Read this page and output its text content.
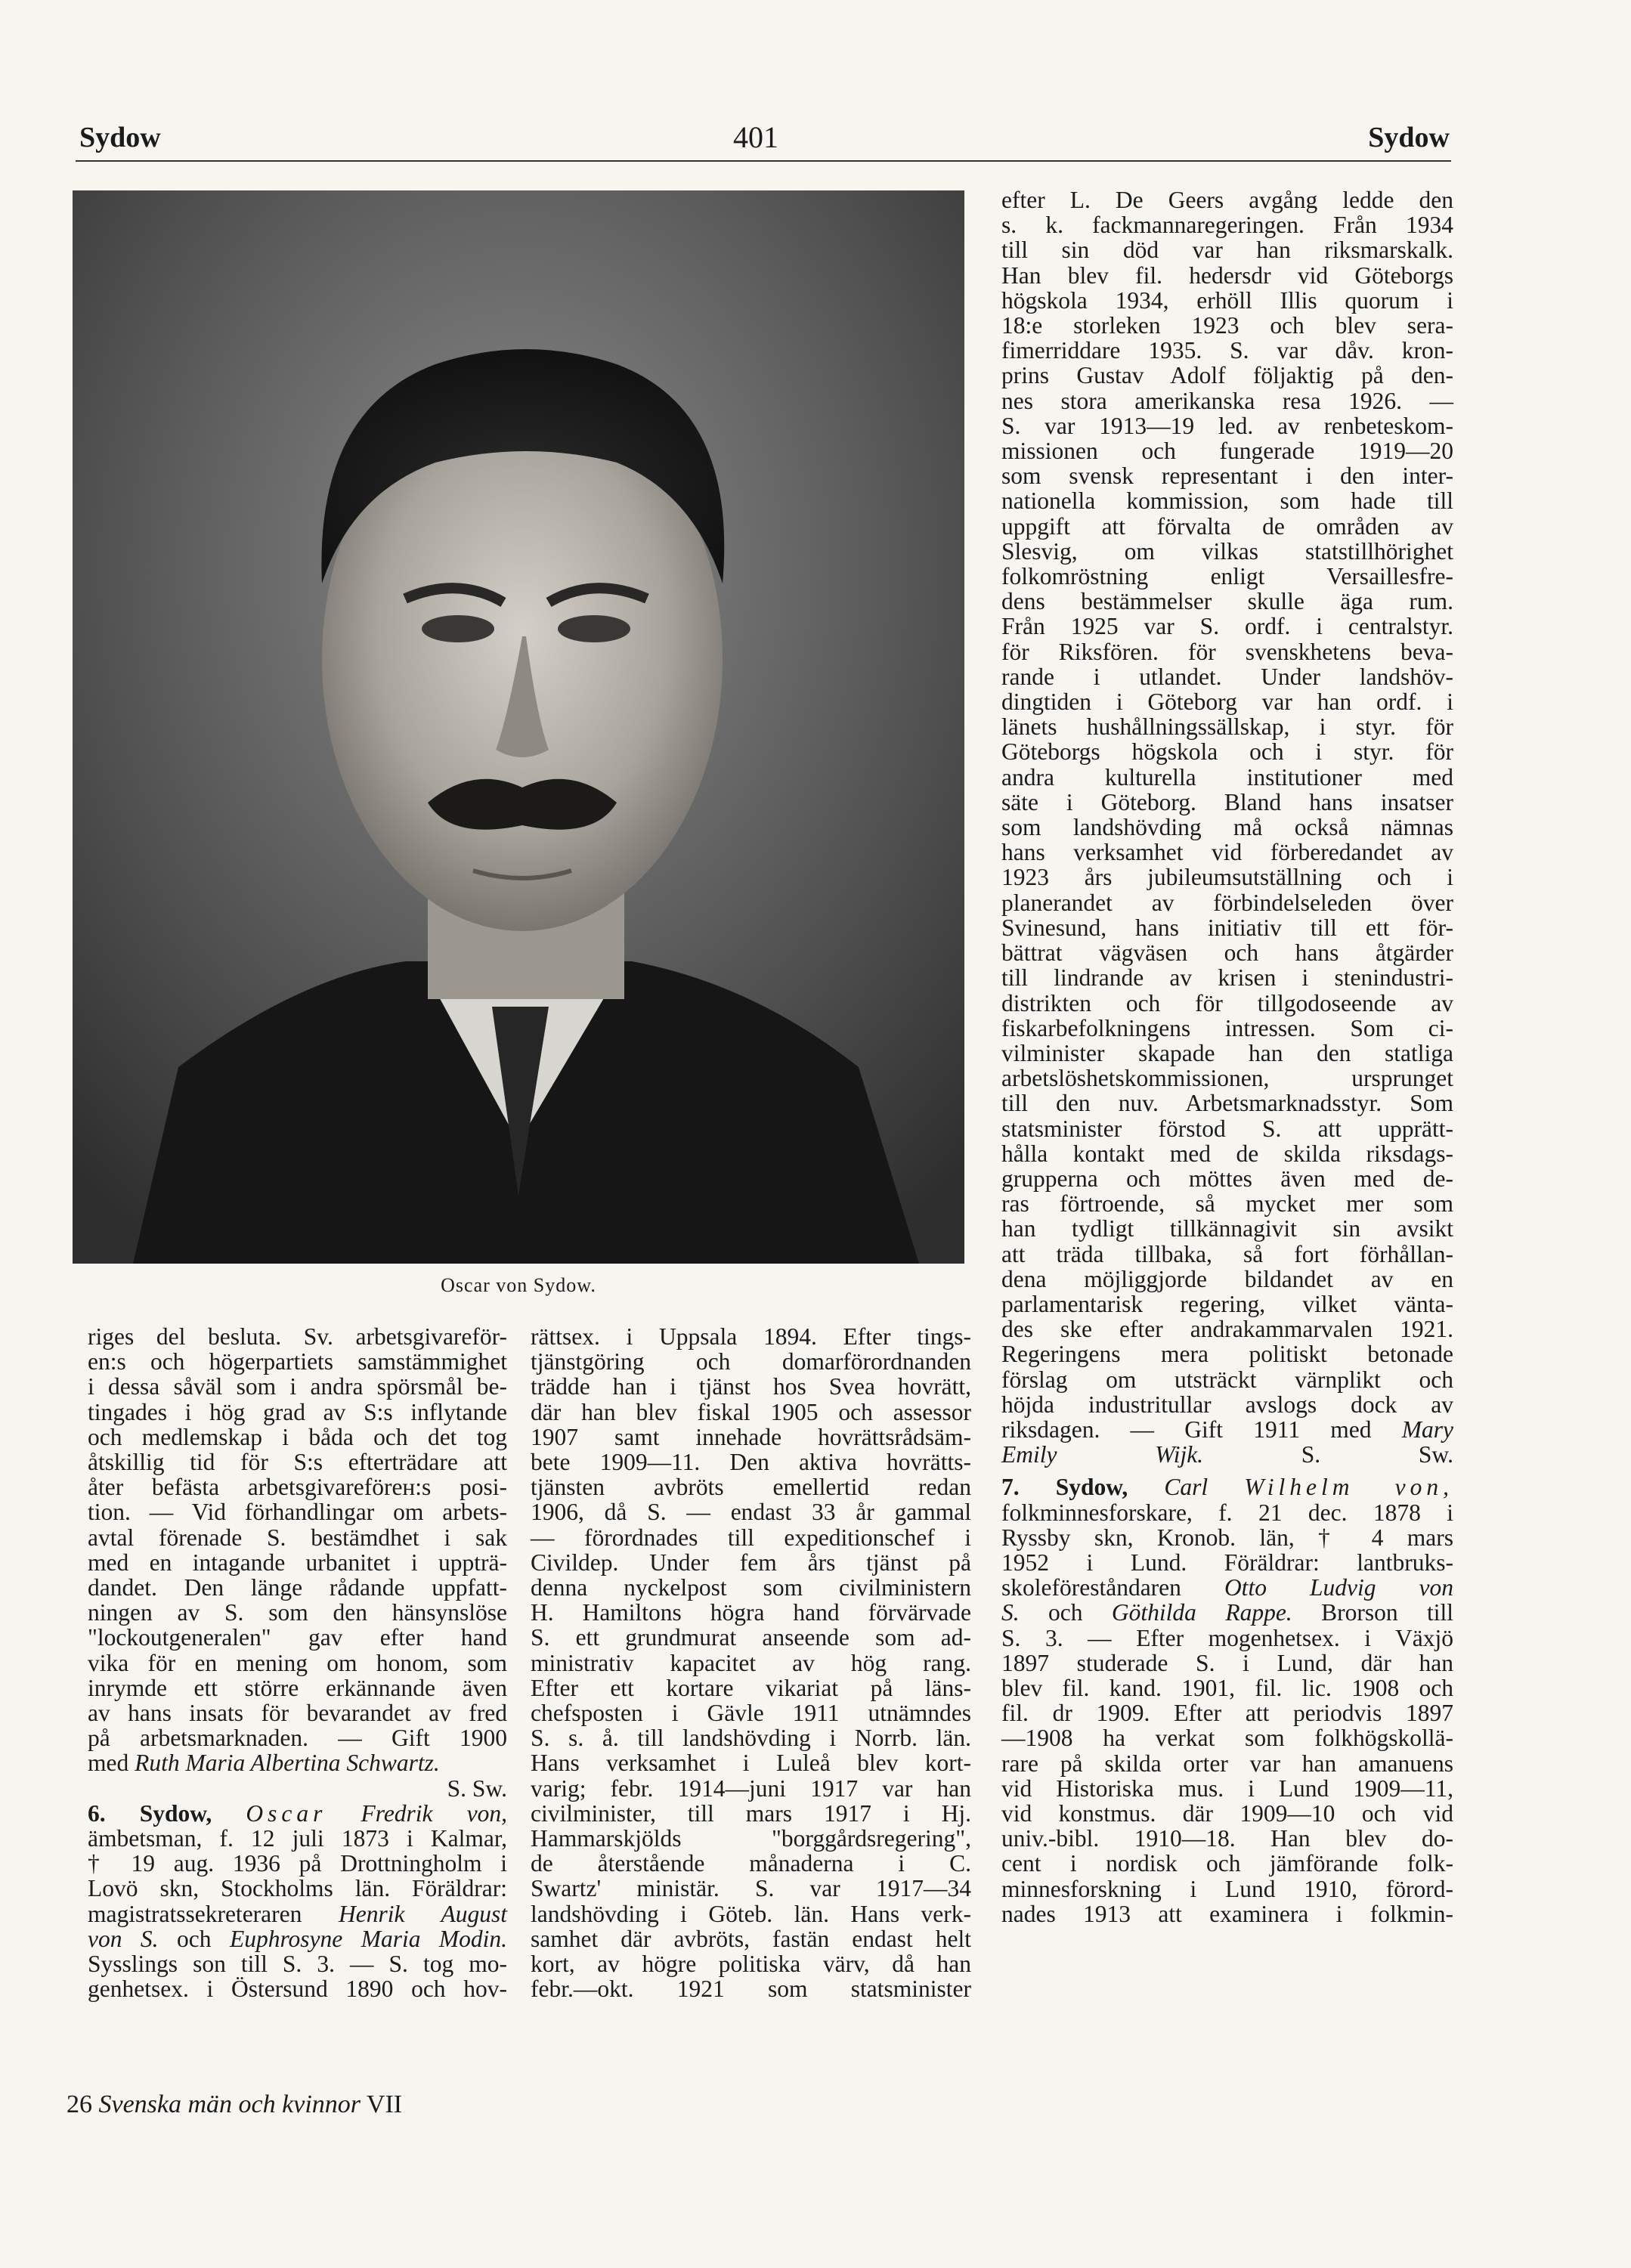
Sydow	401	Sydow
Oscar von Sydow.
riges del besluta. Sv. arbetsgivareför-
en:s och högerpartiets samstämmighet
i dessa såväl som i andra spörsmål be-
tingades i hög grad av S:s inflytande
och medlemskap i båda och det tog
åtskillig tid för S:s efterträdare att
åter befästa arbetsgivareförен:s posi-
tion. — Vid förhandlingar om arbets-
avtal förenade S. bestämdhet i sak
med en intagande urbanitet i uppträ-
dandet. Den länge rådande uppfatt-
ningen av S. som den hänsynslöse
"lockoutgeneralen" gav efter hand
vika för en mening om honom, som
inrymde ett större erkännande även
av hans insats för bevarandet av fred
på arbetsmarknaden. — Gift 1900
med Ruth Maria Albertina Schwartz.
S. Sw.
6. Sydow, Oscar Fredrik von,
ämbetsman, f. 12 juli 1873 i Kalmar,
† 19 aug. 1936 på Drottningholm i
Lovö skn, Stockholms län. Föräldrar:
magistratssekreteraren Henrik August
von S. och Euphrosyne Maria Modin.
Sysslings son till S. 3. — S. tog mo-
genhetsex. i Östersund 1890 och hov-
rättsex. i Uppsala 1894. Efter tings-
tjänstgöring och domarförordnanden
trädde han i tjänst hos Svea hovrätt,
där han blev fiskal 1905 och assessor
1907 samt innehade hovrättsrådsäm-
bete 1909—11. Den aktiva hovrätts-
tjänsten avbröts emellertid redan
1906, då S. — endast 33 år gammal
— förordnades till expeditionschef i
Civildep. Under fem års tjänst på
denna nyckelpost som civilministern
H. Hamiltons högra hand förvärvade
S. ett grundmurat anseende som ad-
ministrativ kapacitet av hög rang.
Efter ett kortare vikariat på läns-
chefsposten i Gävle 1911 utnämndes
S. s. å. till landshövding i Norrb. län.
Hans verksamhet i Luleå blev kort-
varig; febr. 1914—juni 1917 var han
civilminister, till mars 1917 i Hj.
Hammarskjölds "borggårdsregering",
de återstående månaderna i C.
Swartz' ministär. S. var 1917—34
landshövding i Göteb. län. Hans verk-
samhet där avbröts, fastän endast helt
kort, av högre politiska värv, då han
febr.—okt. 1921 som statsminister
efter L. De Geers avgång ledde den
s. k. fackmannaregeringen. Från 1934
till sin död var han riksmarskalk.
Han blev fil. hedersdr vid Göteborgs
högskola 1934, erhöll Illis quorum i
18:e storleken 1923 och blev sera-
fimerriddare 1935. S. var dåv. kron-
prins Gustav Adolf följaktig på den-
nes stora amerikanska resa 1926. —
S. var 1913—19 led. av renbeteskom-
missionen och fungerade 1919—20
som svensk representant i den inter-
nationella kommission, som hade till
uppgift att förvalta de områden av
Slesvig, om vilkas statstillhörighet
folkomröstning enligt Versaillesfre-
dens bestämmelser skulle äga rum.
Från 1925 var S. ordf. i centralstyr.
för Riksfören. för svenskhetens beva-
rande i utlandet. Under landshöv-
dingtiden i Göteborg var han ordf. i
länets hushållningssällskap, i styr. för
Göteborgs högskola och i styr. för
andra kulturella institutioner med
säte i Göteborg. Bland hans insatser
som landshövding må också nämnas
hans verksamhet vid förberedandet av
1923 års jubileumsutställning och i
planerandet av förbindelseleden över
Svinesund, hans initiativ till ett för-
bättrat vägväsen och hans åtgärder
till lindrande av krisen i stenindustri-
distrikten och för tillgodoseende av
fiskarbefolkningens intressen. Som ci-
vilminister skapade han den statliga
arbetslöshetskommissionen, ursprunget
till den nuv. Arbetsmarknadsstyr. Som
statsminister förstod S. att upprätt-
hålla kontakt med de skilda riksdags-
grupperna och möttes även med de-
ras förtroende, så mycket mer som
han tydligt tillkännagivit sin avsikt
att träda tillbaka, så fort förhållan-
dena möjliggjorde bildandet av en
parlamentarisk regering, vilket vänta-
des ske efter andrakammarvalen 1921.
Regeringens mera politiskt betonade
förslag om utsträckt värnplikt och
höjda industritullar avslogs dock av
riksdagen. — Gift 1911 med Mary
Emily Wijk.	S. Sw.
7. Sydow, Carl Wilhelm von,
folkminnesforskare, f. 21 dec. 1878 i
Ryssby skn, Kronob. län, † 4 mars
1952 i Lund. Föräldrar: lantbruks-
skoleföreståndaren Otto Ludvig von
S. och Göthilda Rappe. Brorson till
S. 3. — Efter mogenhetsex. i Växjö
1897 studerade S. i Lund, där han
blev fil. kand. 1901, fil. lic. 1908 och
fil. dr 1909. Efter att periodvis 1897
—1908 ha verkat som folkhögskollä-
rare på skilda orter var han amanuens
vid Historiska mus. i Lund 1909—11,
vid konstmus. där 1909—10 och vid
univ.-bibl. 1910—18. Han blev do-
cent i nordisk och jämförande folk-
minnesforskning i Lund 1910, förord-
nades 1913 att examinera i folkmin-
26 Svenska män och kvinnor VII
